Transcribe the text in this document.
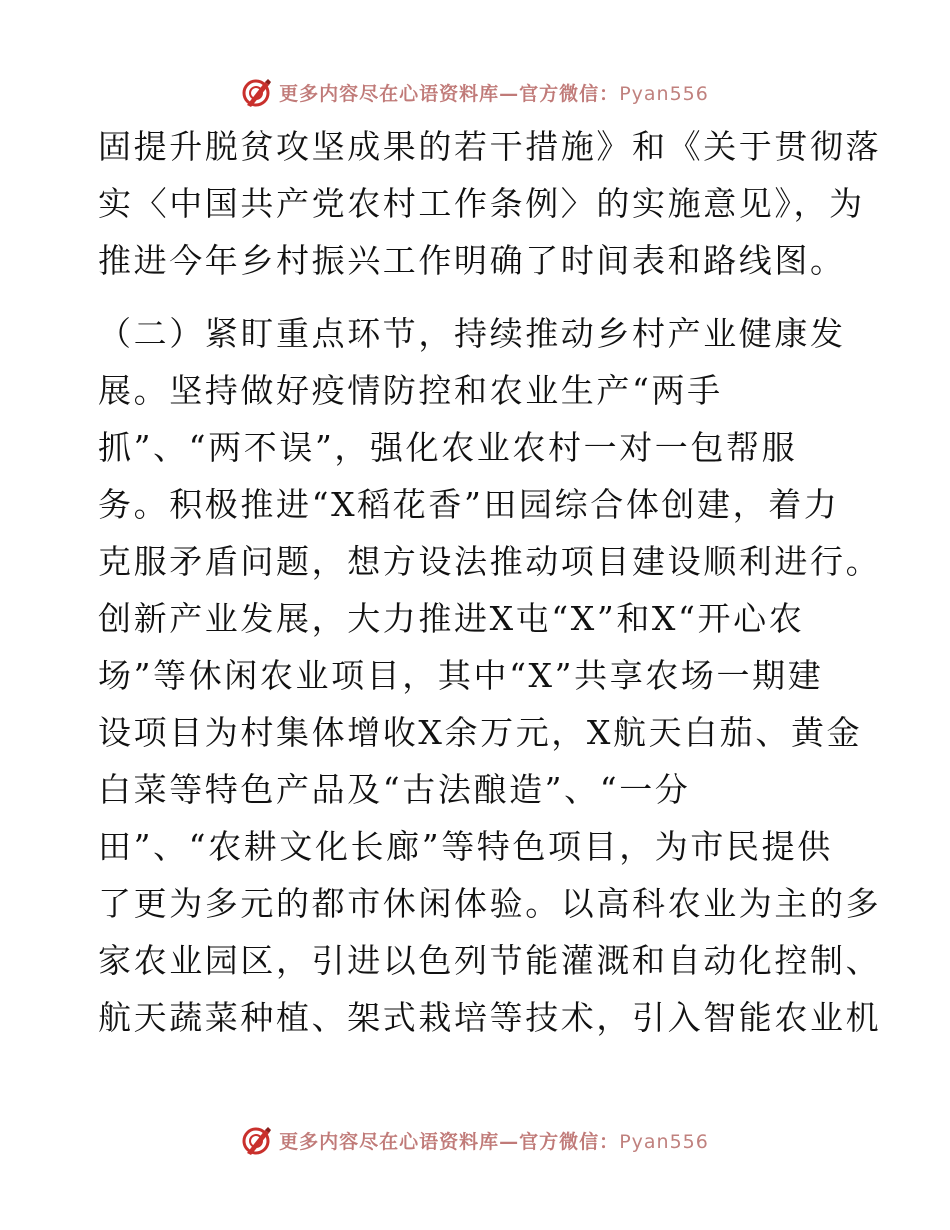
更多内容尽在心语资料库—官方微信：Pyan556
固提升脱贫攻坚成果的若干措施》和《关于贯彻落
实〈中国共产党农村工作条例〉的实施意见》，为
推进今年乡村振兴工作明确了时间表和路线图。
（二）紧盯重点环节，持续推动乡村产业健康发
展。坚持做好疫情防控和农业生产“两手
抓”、“两不误”，强化农业农村一对一包帮服
务。积极推进“X稻花香”田园综合体创建，着力
克服矛盾问题，想方设法推动项目建设顺利进行。
创新产业发展，大力推进X屯“X”和X“开心农
场”等休闲农业项目，其中“X”共享农场一期建
设项目为村集体增收X余万元，X航天白茄、黄金
白菜等特色产品及“古法酿造”、“一分
田”、“农耕文化长廊”等特色项目，为市民提供
了更为多元的都市休闲体验。以高科农业为主的多
家农业园区，引进以色列节能灌溉和自动化控制、
航天蔬菜种植、架式栽培等技术，引入智能农业机
更多内容尽在心语资料库—官方微信：Pyan556
